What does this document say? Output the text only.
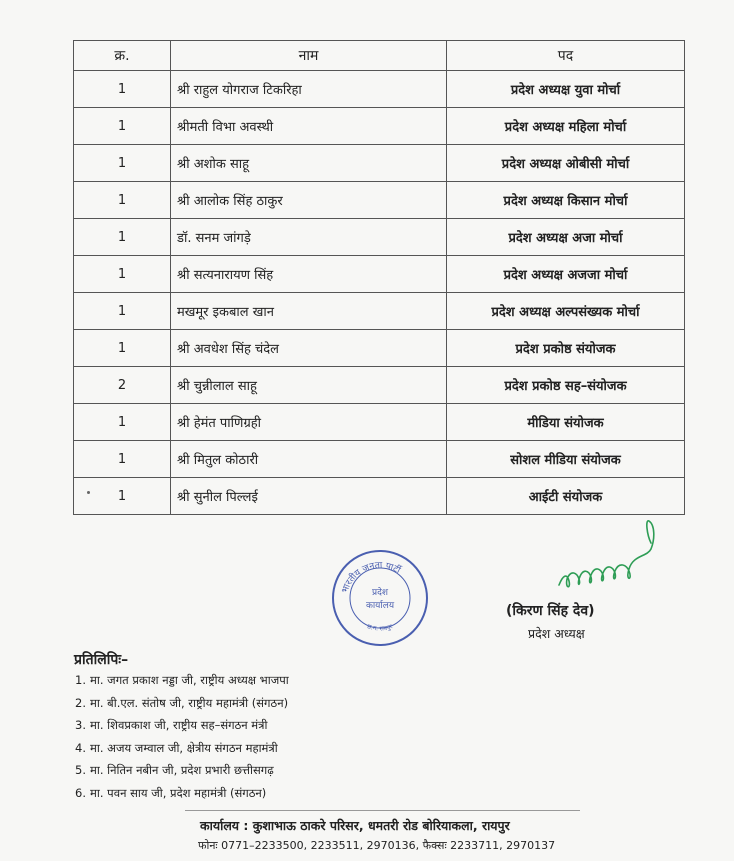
क्र.	नाम	पद
1	श्री राहुल योगराज टिकरिहा	प्रदेश अध्यक्ष युवा मोर्चा
1	श्रीमती विभा अवस्थी	प्रदेश अध्यक्ष महिला मोर्चा
1	श्री अशोक साहू	प्रदेश अध्यक्ष ओबीसी मोर्चा
1	श्री आलोक सिंह ठाकुर	प्रदेश अध्यक्ष किसान मोर्चा
1	डॉ. सनम जांगड़े	प्रदेश अध्यक्ष अजा मोर्चा
1	श्री सत्यनारायण सिंह	प्रदेश अध्यक्ष अजजा मोर्चा
1	मखमूर इकबाल खान	प्रदेश अध्यक्ष अल्पसंख्यक मोर्चा
1	श्री अवधेश सिंह चंदेल	प्रदेश प्रकोष्ठ संयोजक
2	श्री चुन्नीलाल साहू	प्रदेश प्रकोष्ठ सह–संयोजक
1	श्री हेमंत पाणिग्रही	मीडिया संयोजक
1	श्री मितुल कोठारी	सोशल मीडिया संयोजक
1	श्री सुनील पिल्लई	आईटी संयोजक
भारतीय जनता पार्टी
प्रदेश
कार्यालय
छ.ग. रायपुर
(किरण सिंह देव)
प्रदेश अध्यक्ष
प्रतिलिपिः–
1. मा. जगत प्रकाश नड्डा जी, राष्ट्रीय अध्यक्ष भाजपा
2. मा. बी.एल. संतोष जी, राष्ट्रीय महामंत्री (संगठन)
3. मा. शिवप्रकाश जी, राष्ट्रीय सह–संगठन मंत्री
4. मा. अजय जम्वाल जी, क्षेत्रीय संगठन महामंत्री
5. मा. नितिन नबीन जी, प्रदेश प्रभारी छत्तीसगढ़
6. मा. पवन साय जी, प्रदेश महामंत्री (संगठन)
कार्यालय : कुशाभाऊ ठाकरे परिसर, धमतरी रोड बोरियाकला, रायपुर
फोनः 0771–2233500, 2233511, 2970136, फैक्सः 2233711, 2970137
